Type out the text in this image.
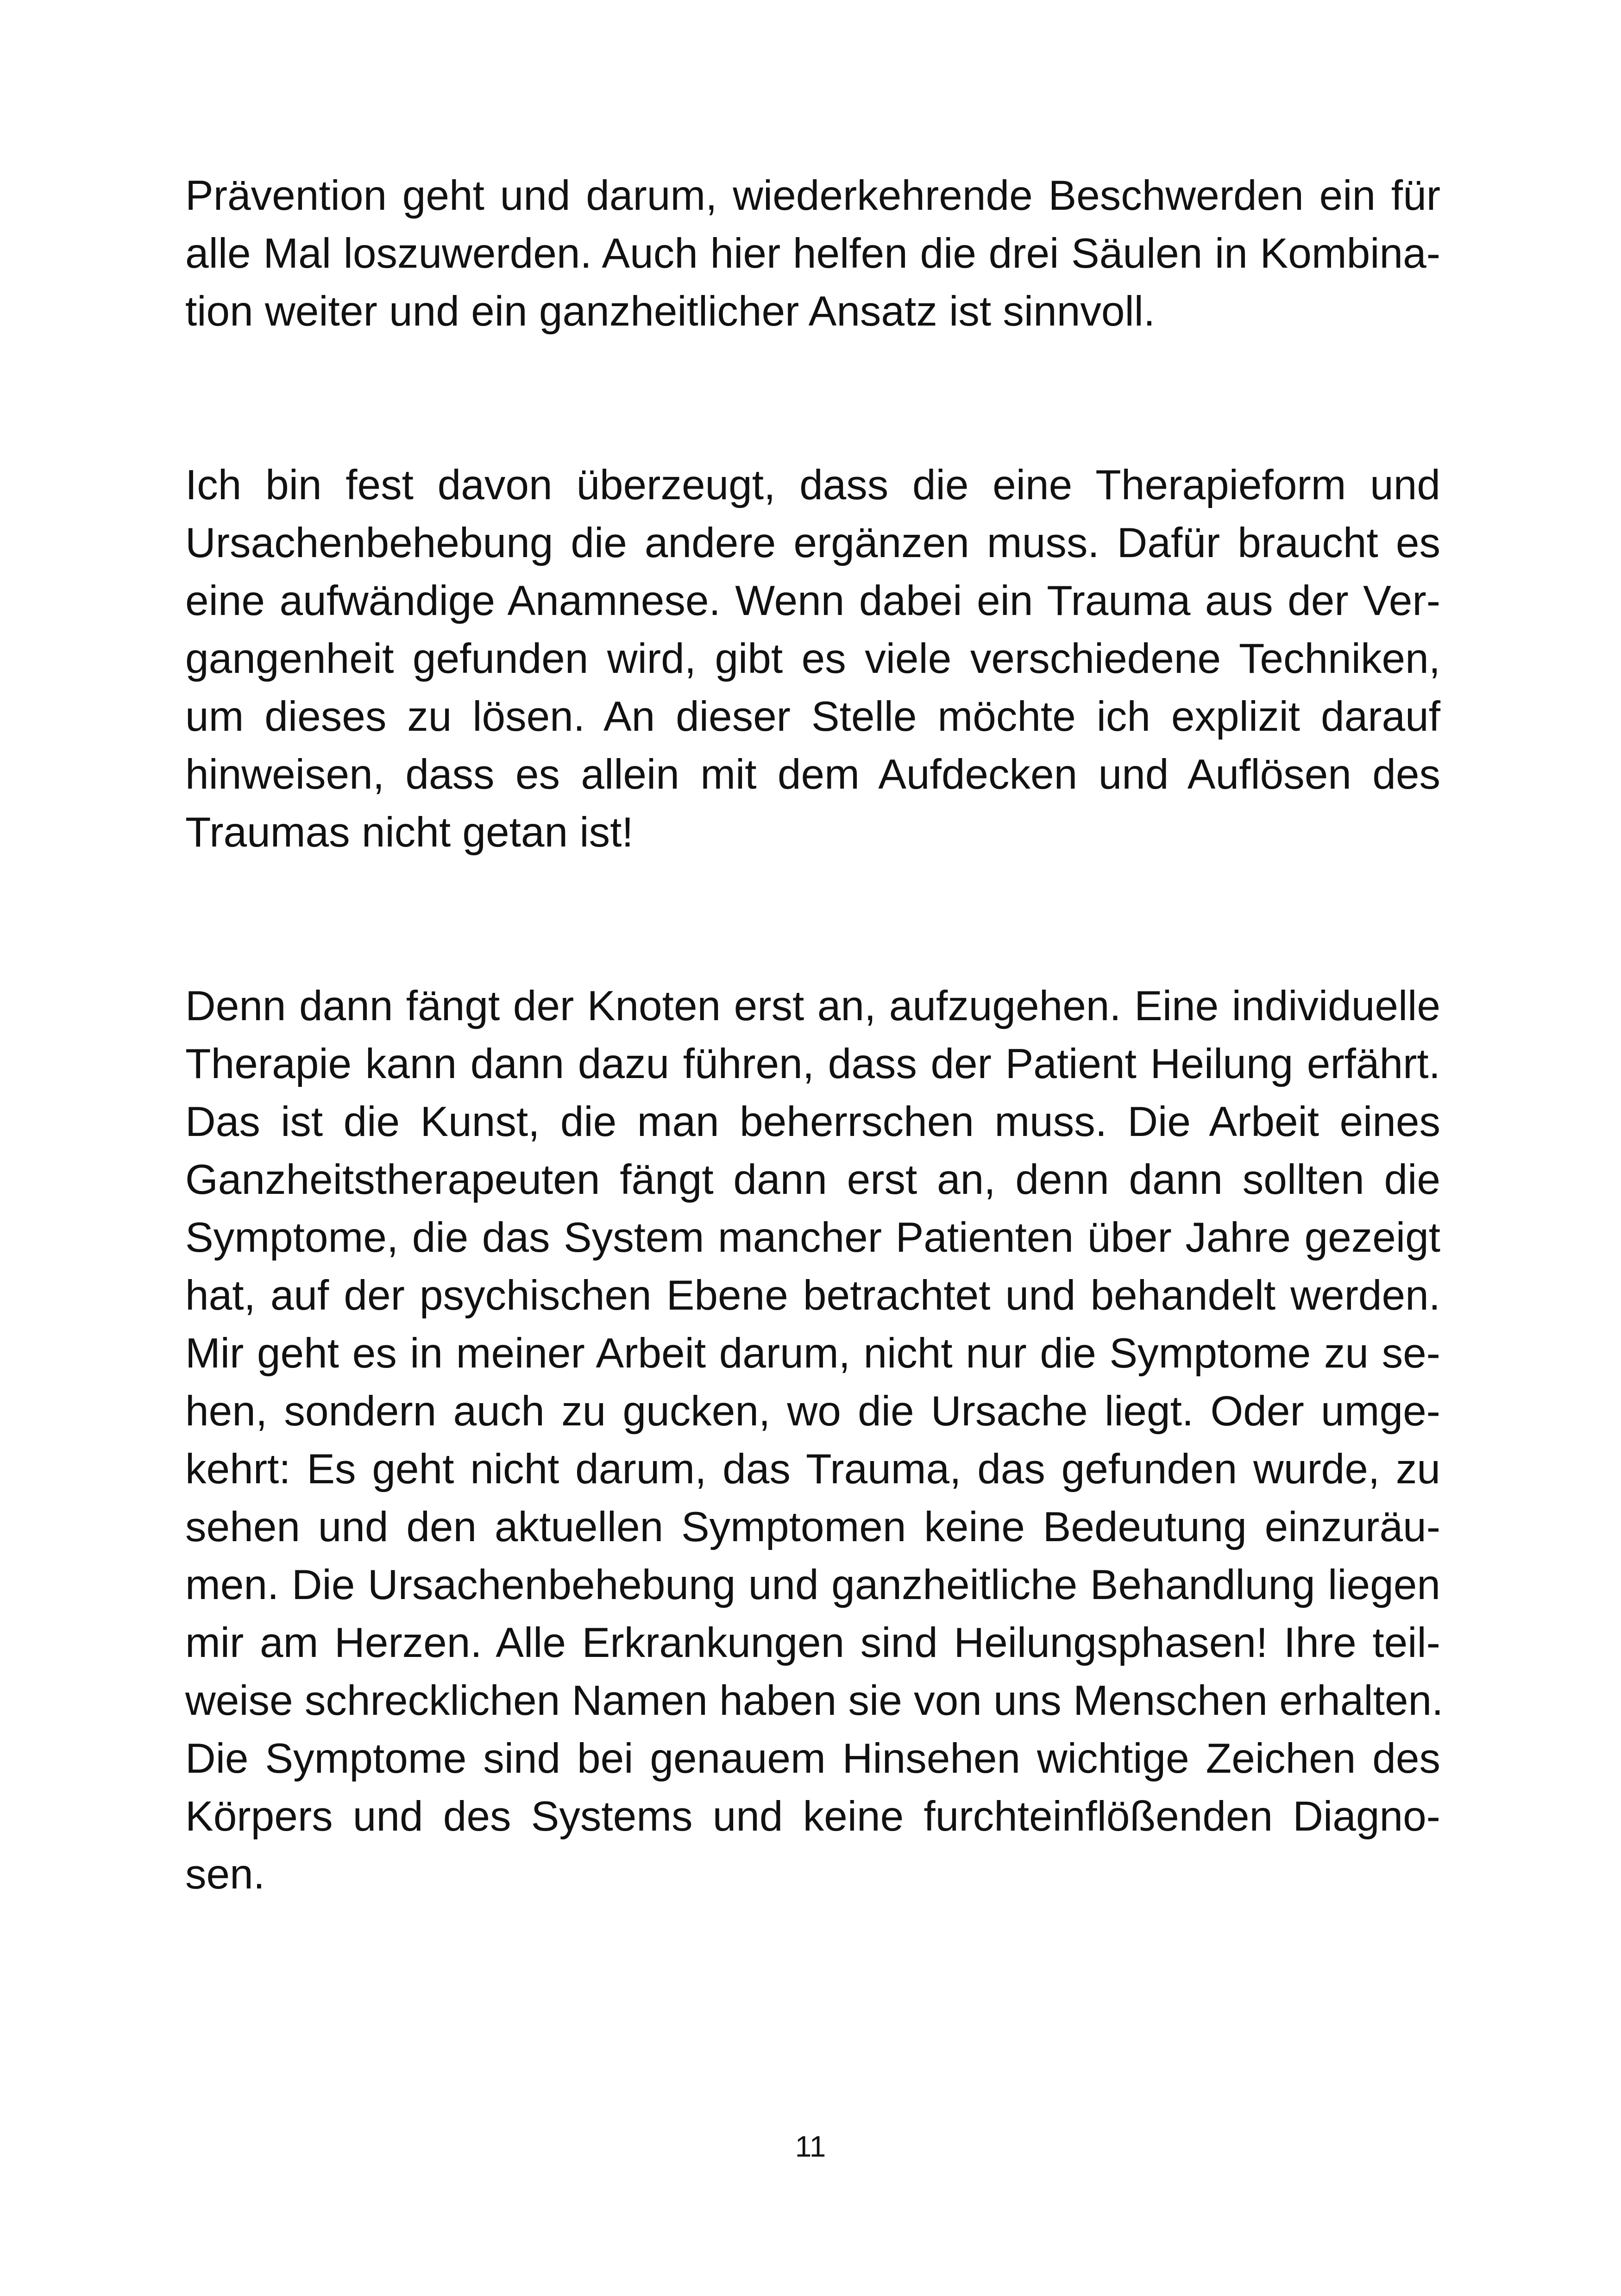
Prävention geht und darum, wiederkehrende Beschwerden ein für
alle Mal loszuwerden. Auch hier helfen die drei Säulen in Kombina-
tion weiter und ein ganzheitlicher Ansatz ist sinnvoll.

Ich bin fest davon überzeugt, dass die eine Therapieform und
Ursachenbehebung die andere ergänzen muss. Dafür braucht es
eine aufwändige Anamnese. Wenn dabei ein Trauma aus der Ver-
gangenheit gefunden wird, gibt es viele verschiedene Techniken,
um dieses zu lösen. An dieser Stelle möchte ich explizit darauf
hinweisen, dass es allein mit dem Aufdecken und Auflösen des
Traumas nicht getan ist!

Denn dann fängt der Knoten erst an, aufzugehen. Eine individuelle
Therapie kann dann dazu führen, dass der Patient Heilung erfährt.
Das ist die Kunst, die man beherrschen muss. Die Arbeit eines
Ganzheitstherapeuten fängt dann erst an, denn dann sollten die
Symptome, die das System mancher Patienten über Jahre gezeigt
hat, auf der psychischen Ebene betrachtet und behandelt werden.
Mir geht es in meiner Arbeit darum, nicht nur die Symptome zu se-
hen, sondern auch zu gucken, wo die Ursache liegt. Oder umge-
kehrt: Es geht nicht darum, das Trauma, das gefunden wurde, zu
sehen und den aktuellen Symptomen keine Bedeutung einzuräu-
men. Die Ursachenbehebung und ganzheitliche Behandlung liegen
mir am Herzen. Alle Erkrankungen sind Heilungsphasen! Ihre teil-
weise schrecklichen Namen haben sie von uns Menschen erhalten.
Die Symptome sind bei genauem Hinsehen wichtige Zeichen des
Körpers und des Systems und keine furchteinflößenden Diagno-
sen.

11
